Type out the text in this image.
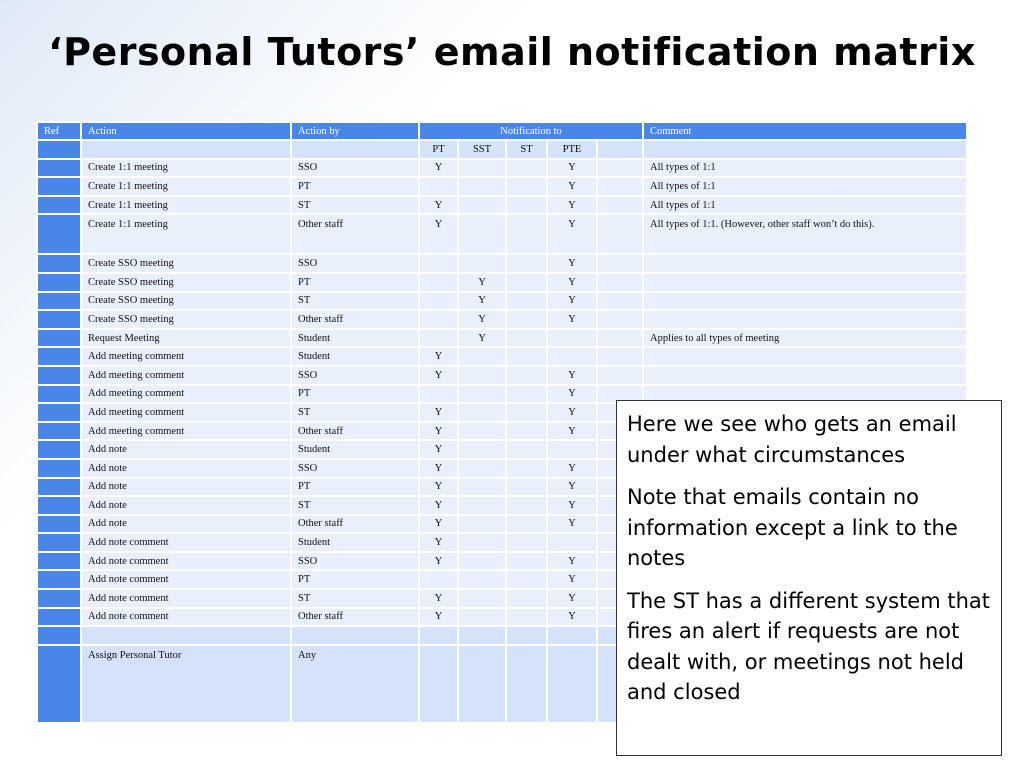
‘Personal Tutors’ email notification matrix
Ref	Action	Action by	Notification to					Comment
			PT	SST	ST	PTE		
	Create 1:1 meeting	SSO	Y			Y		All types of 1:1
	Create 1:1 meeting	PT				Y		All types of 1:1
	Create 1:1 meeting	ST	Y			Y		All types of 1:1
	Create 1:1 meeting	Other staff	Y			Y		All types of 1:1. (However, other staff won’t do this).
	Create SSO meeting	SSO				Y		
	Create SSO meeting	PT		Y		Y		
	Create SSO meeting	ST		Y		Y		
	Create SSO meeting	Other staff		Y		Y		
	Request Meeting	Student		Y				Applies to all types of meeting
	Add meeting comment	Student	Y					
	Add meeting comment	SSO	Y			Y		
	Add meeting comment	PT				Y		
	Add meeting comment	ST	Y			Y		
	Add meeting comment	Other staff	Y			Y		
	Add note	Student	Y					
	Add note	SSO	Y			Y		
	Add note	PT	Y			Y		
	Add note	ST	Y			Y		
	Add note	Other staff	Y			Y		
	Add note comment	Student	Y					
	Add note comment	SSO	Y			Y		
	Add note comment	PT				Y		
	Add note comment	ST	Y			Y		
	Add note comment	Other staff	Y			Y		

	Assign Personal Tutor	Any						

Here we see who gets an email under what circumstances

Note that emails contain no information except a link to the notes

The ST has a different system that fires an alert if requests are not dealt with, or meetings not held and closed
